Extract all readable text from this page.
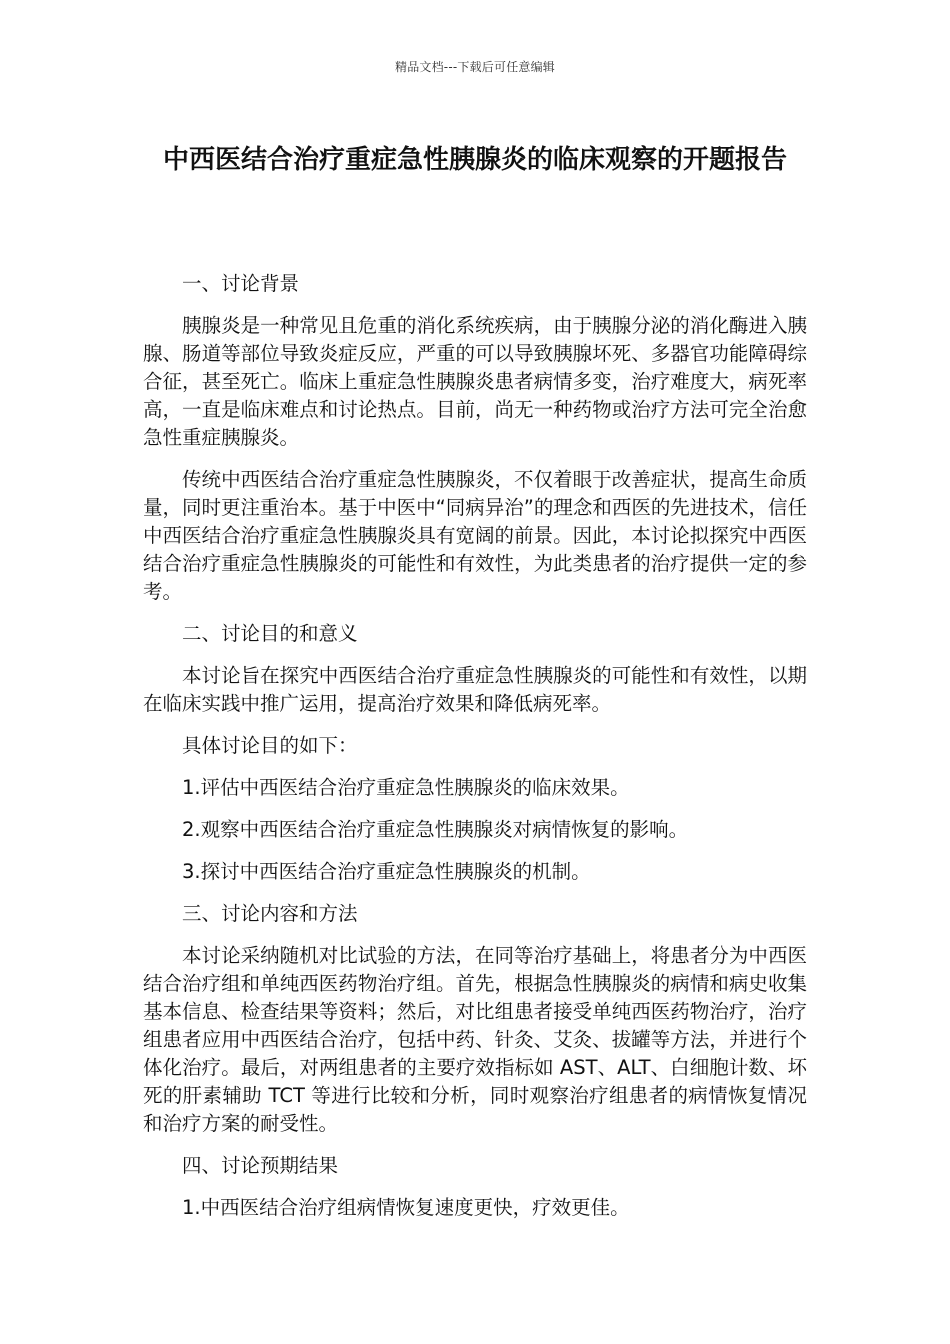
精品文档---下载后可任意编辑
中西医结合治疗重症急性胰腺炎的临床观察的开题报告

一、讨论背景

胰腺炎是一种常见且危重的消化系统疾病，由于胰腺分泌的消化酶进入胰腺、肠道等部位导致炎症反应，严重的可以导致胰腺坏死、多器官功能障碍综合征，甚至死亡。临床上重症急性胰腺炎患者病情多变，治疗难度大，病死率高，一直是临床难点和讨论热点。目前，尚无一种药物或治疗方法可完全治愈急性重症胰腺炎。

传统中西医结合治疗重症急性胰腺炎，不仅着眼于改善症状，提高生命质量，同时更注重治本。基于中医中“同病异治”的理念和西医的先进技术，信任中西医结合治疗重症急性胰腺炎具有宽阔的前景。因此，本讨论拟探究中西医结合治疗重症急性胰腺炎的可能性和有效性，为此类患者的治疗提供一定的参考。

二、讨论目的和意义

本讨论旨在探究中西医结合治疗重症急性胰腺炎的可能性和有效性，以期在临床实践中推广运用，提高治疗效果和降低病死率。

具体讨论目的如下：

1.评估中西医结合治疗重症急性胰腺炎的临床效果。

2.观察中西医结合治疗重症急性胰腺炎对病情恢复的影响。

3.探讨中西医结合治疗重症急性胰腺炎的机制。

三、讨论内容和方法

本讨论采纳随机对比试验的方法，在同等治疗基础上，将患者分为中西医结合治疗组和单纯西医药物治疗组。首先，根据急性胰腺炎的病情和病史收集基本信息、检查结果等资料；然后，对比组患者接受单纯西医药物治疗，治疗组患者应用中西医结合治疗，包括中药、针灸、艾灸、拔罐等方法，并进行个体化治疗。最后，对两组患者的主要疗效指标如 AST、ALT、白细胞计数、坏死的肝素辅助 TCT 等进行比较和分析，同时观察治疗组患者的病情恢复情况和治疗方案的耐受性。

四、讨论预期结果

1.中西医结合治疗组病情恢复速度更快，疗效更佳。
